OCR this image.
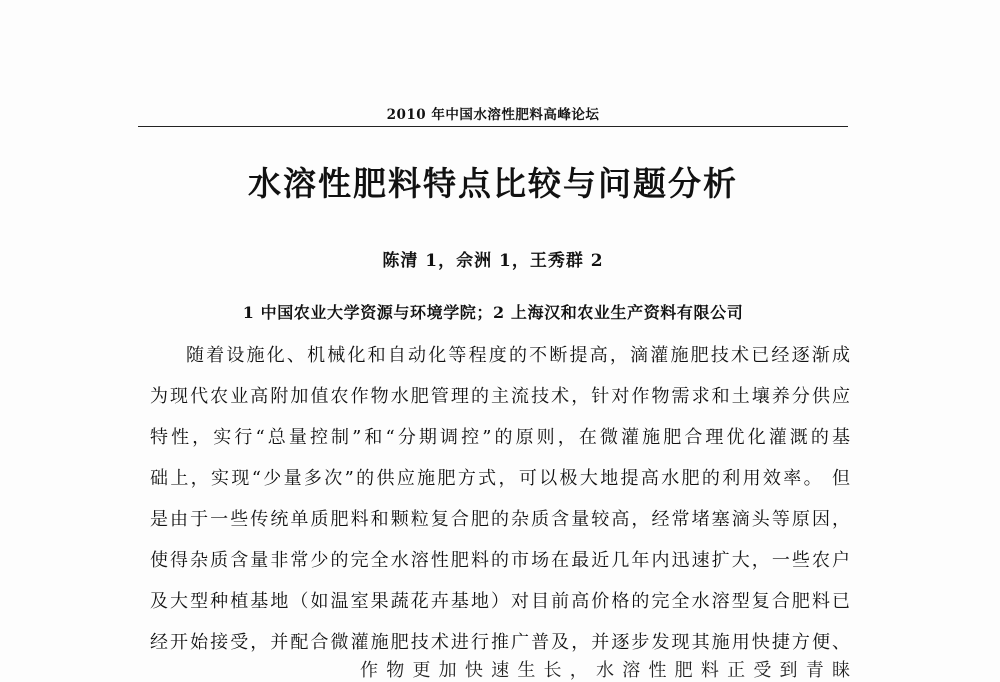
2010 年中国水溶性肥料高峰论坛
水溶性肥料特点比较与问题分析
陈清 1，佘洲 1，王秀群 2
1 中国农业大学资源与环境学院；2 上海汉和农业生产资料有限公司
随着设施化、机械化和自动化等程度的不断提高，滴灌施肥技术已经逐渐成
为现代农业高附加值农作物水肥管理的主流技术，针对作物需求和土壤养分供应
特性，实行“总量控制”和“分期调控”的原则，在微灌施肥合理优化灌溉的基
础上，实现“少量多次”的供应施肥方式，可以极大地提高水肥的利用效率。 但
是由于一些传统单质肥料和颗粒复合肥的杂质含量较高，经常堵塞滴头等原因，
使得杂质含量非常少的完全水溶性肥料的市场在最近几年内迅速扩大，一些农户
及大型种植基地（如温室果蔬花卉基地）对目前高价格的完全水溶型复合肥料已
经开始接受，并配合微灌施肥技术进行推广普及，并逐步发现其施用快捷方便、
作物更加快速生长，水溶性肥料正受到青睐
